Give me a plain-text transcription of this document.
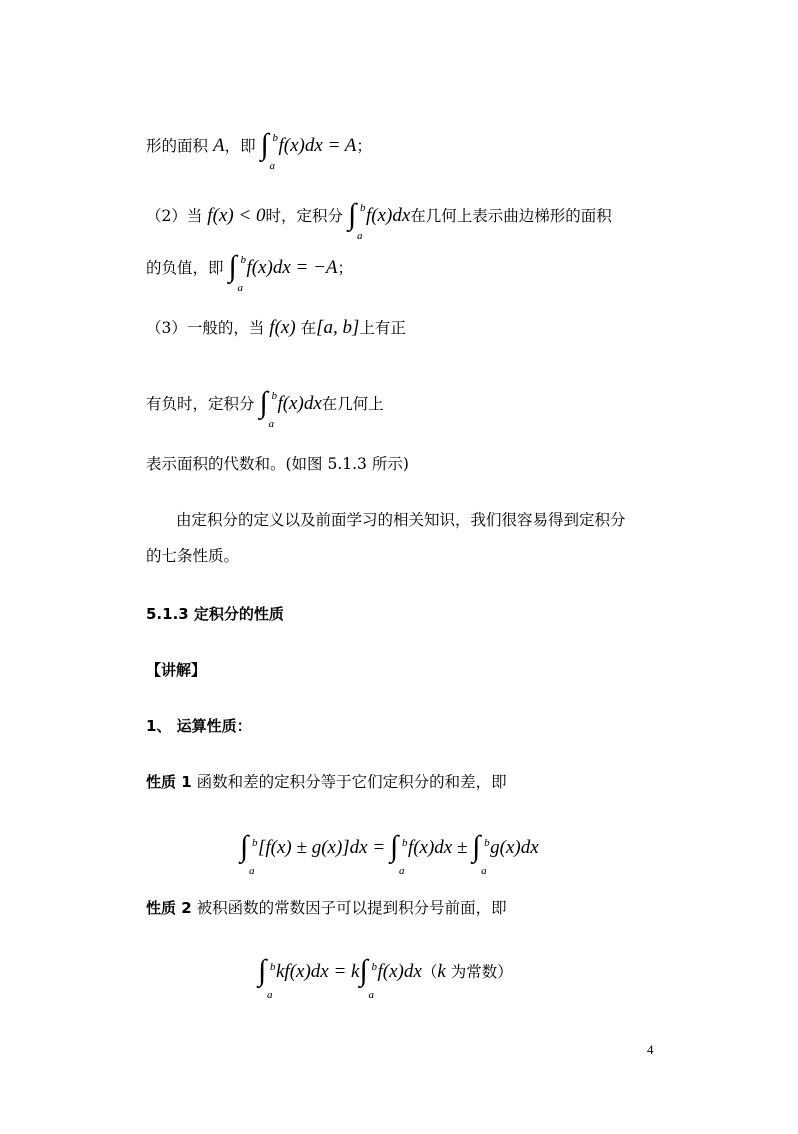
形的面积 A，即 ∫ b
a
f(x)dx = A；
（2）当 f(x) < 0时，定积分 ∫ b
a
f(x)dx在几何上表示曲边梯形的面积
的负值，即 ∫ b
a
f(x)dx = −A；
（3）一般的，当 f(x) 在[a, b]上有正
有负时，定积分 ∫ b
a
f(x)dx在几何上
表示面积的代数和。(如图 5.1.3 所示)
由定积分的定义以及前面学习的相关知识，我们很容易得到定积分
的七条性质。
5.1.3 定积分的性质
【讲解】
1、 运算性质：
性质 1 函数和差的定积分等于它们定积分的和差，即
∫ b
a
[f(x) ± g(x)]dx = ∫ b
a
f(x)dx ± ∫ b
a
g(x)dx
性质 2 被积函数的常数因子可以提到积分号前面，即
∫ b
a
kf(x)dx = k ∫ b
a
f(x)dx（k 为常数）
4
